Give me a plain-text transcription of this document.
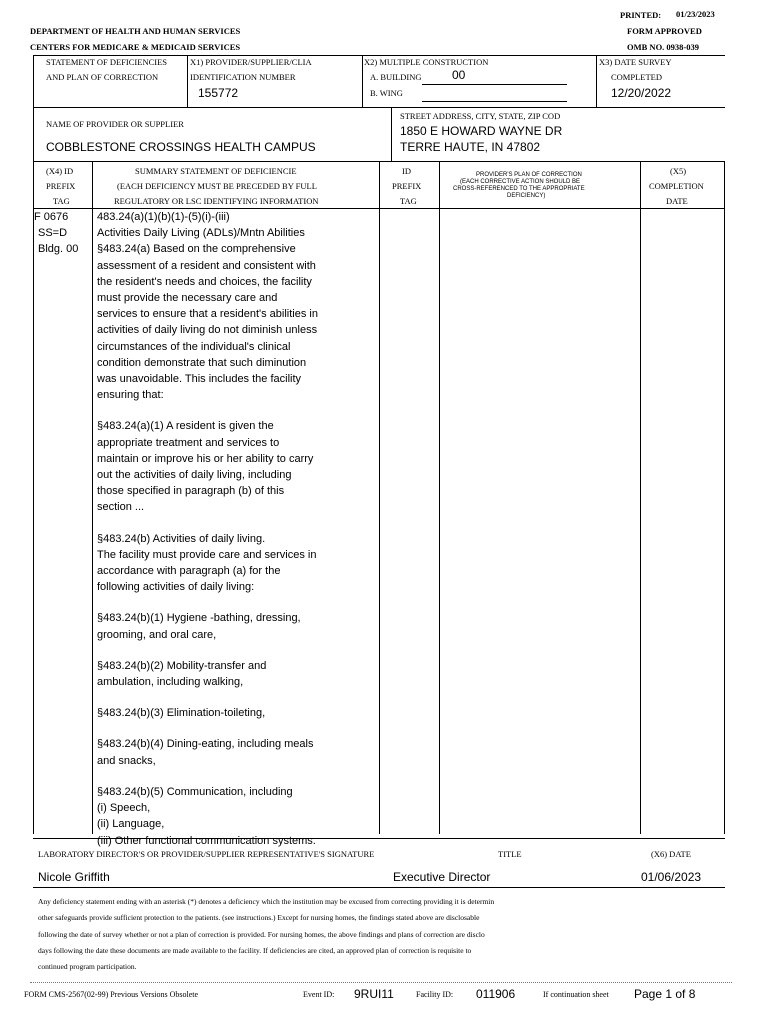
PRINTED: 01/23/2023
DEPARTMENT OF HEALTH AND HUMAN SERVICES
CENTERS FOR MEDICARE & MEDICAID SERVICES
FORM APPROVED
OMB NO. 0938-039
STATEMENT OF DEFICIENCIES
AND PLAN OF CORRECTION
X1) PROVIDER/SUPPLIER/CLIA
IDENTIFICATION NUMBER
155772
X2) MULTIPLE CONSTRUCTION
A. BUILDING	00
B. WING
X3) DATE SURVEY
COMPLETED
12/20/2022
NAME OF PROVIDER OR SUPPLIER
COBBLESTONE CROSSINGS HEALTH CAMPUS
STREET ADDRESS, CITY, STATE, ZIP COD
1850 E HOWARD WAYNE DR
TERRE HAUTE, IN 47802
(X4) ID
PREFIX
TAG
SUMMARY STATEMENT OF DEFICIENCIE
(EACH DEFICIENCY MUST BE PRECEDED BY FULL
REGULATORY OR LSC IDENTIFYING INFORMATION
ID
PREFIX
TAG
PROVIDER'S PLAN OF CORRECTION
(EACH CORRECTIVE ACTION SHOULD BE
CROSS-REFERENCED TO THE APPROPRIATE
DEFICIENCY)
(X5)
COMPLETION
DATE
F 0676
SS=D
Bldg. 00
483.24(a)(1)(b)(1)-(5)(i)-(iii)
Activities Daily Living (ADLs)/Mntn Abilities
§483.24(a) Based on the comprehensive
assessment of a resident and consistent with
the resident's needs and choices, the facility
must provide the necessary care and
services to ensure that a resident's abilities in
activities of daily living do not diminish unless
circumstances of the individual's clinical
condition demonstrate that such diminution
was unavoidable. This includes the facility
ensuring that:
§483.24(a)(1) A resident is given the
appropriate treatment and services to
maintain or improve his or her ability to carry
out the activities of daily living, including
those specified in paragraph (b) of this
section ...
§483.24(b) Activities of daily living.
The facility must provide care and services in
accordance with paragraph (a) for the
following activities of daily living:
§483.24(b)(1) Hygiene -bathing, dressing,
grooming, and oral care,
§483.24(b)(2) Mobility-transfer and
ambulation, including walking,
§483.24(b)(3) Elimination-toileting,
§483.24(b)(4) Dining-eating, including meals
and snacks,
§483.24(b)(5) Communication, including
(i) Speech,
(ii) Language,
(iii) Other functional communication systems.
LABORATORY DIRECTOR'S OR PROVIDER/SUPPLIER REPRESENTATIVE'S SIGNATURE	TITLE	(X6) DATE
Nicole Griffith	Executive Director	01/06/2023
Any deficiency statement ending with an asterisk (*) denotes a deficiency which the institution may be excused from correcting providing it is determin
other safeguards provide sufficient protection to the patients. (see instructions.) Except for nursing homes, the findings stated above are disclosable
following the date of survey whether or not a plan of correction is provided. For nursing homes, the above findings and plans of correction are disclo
days following the date these documents are made available to the facility. If deficiencies are cited, an approved plan of correction is requisite to
continued program participation.
FORM CMS-2567(02-99) Previous Versions Obsolete	Event ID: 9RUI11	Facility ID: 011906	If continuation sheet Page 1 of 8
